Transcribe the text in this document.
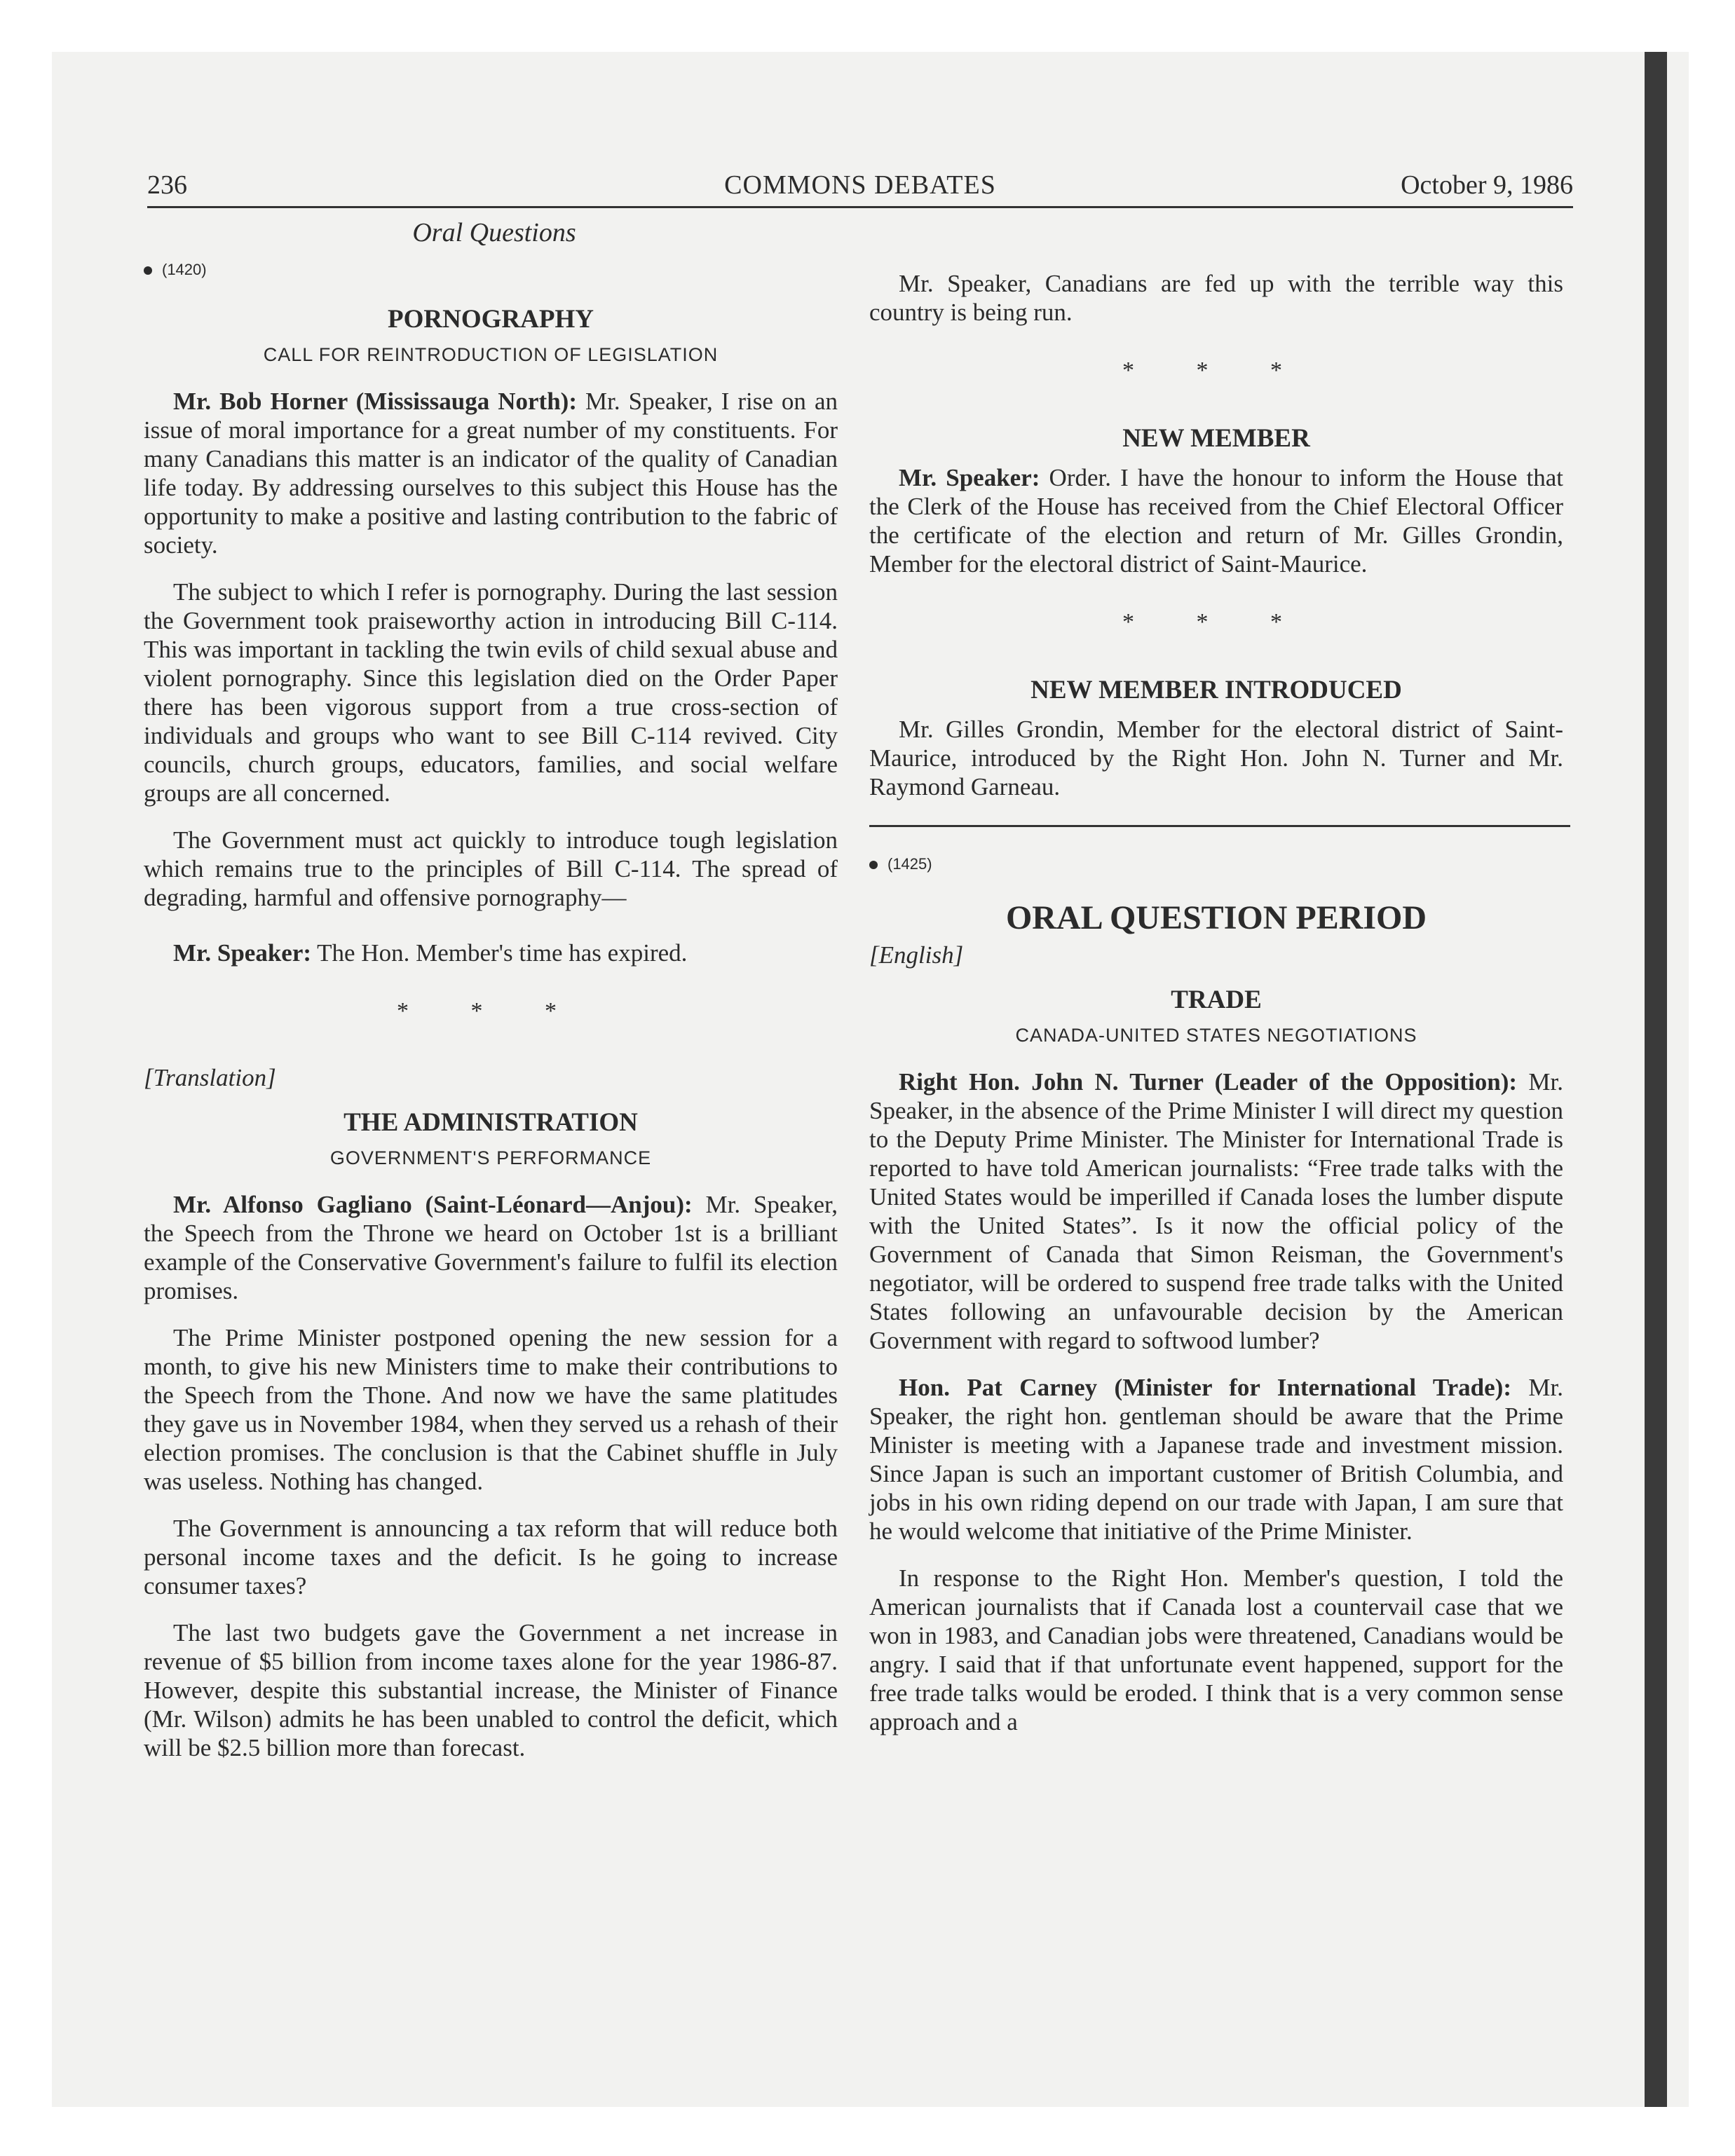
236	COMMONS DEBATES	October 9, 1986
Oral Questions
(1420)
PORNOGRAPHY
CALL FOR REINTRODUCTION OF LEGISLATION

Mr. Bob Horner (Mississauga North): Mr. Speaker, I rise on an issue of moral importance for a great number of my constituents. For many Canadians this matter is an indicator of the quality of Canadian life today. By addressing ourselves to this subject this House has the opportunity to make a positive and lasting contribution to the fabric of society.

The subject to which I refer is pornography. During the last session the Government took praiseworthy action in introducing Bill C-114. This was important in tackling the twin evils of child sexual abuse and violent pornography. Since this legislation died on the Order Paper there has been vigorous support from a true cross-section of individuals and groups who want to see Bill C-114 revived. City councils, church groups, educators, families, and social welfare groups are all concerned.

The Government must act quickly to introduce tough legislation which remains true to the principles of Bill C-114. The spread of degrading, harmful and offensive pornography—

Mr. Speaker: The Hon. Member's time has expired.

* * *
[Translation]
THE ADMINISTRATION
GOVERNMENT'S PERFORMANCE

Mr. Alfonso Gagliano (Saint-Léonard—Anjou): Mr. Speaker, the Speech from the Throne we heard on October 1st is a brilliant example of the Conservative Government's failure to fulfil its election promises.

The Prime Minister postponed opening the new session for a month, to give his new Ministers time to make their contributions to the Speech from the Thone. And now we have the same platitudes they gave us in November 1984, when they served us a rehash of their election promises. The conclusion is that the Cabinet shuffle in July was useless. Nothing has changed.

The Government is announcing a tax reform that will reduce both personal income taxes and the deficit. Is he going to increase consumer taxes?

The last two budgets gave the Government a net increase in revenue of $5 billion from income taxes alone for the year 1986-87. However, despite this substantial increase, the Minister of Finance (Mr. Wilson) admits he has been unabled to control the deficit, which will be $2.5 billion more than forecast.

Mr. Speaker, Canadians are fed up with the terrible way this country is being run.

* * *
NEW MEMBER

Mr. Speaker: Order. I have the honour to inform the House that the Clerk of the House has received from the Chief Electoral Officer the certificate of the election and return of Mr. Gilles Grondin, Member for the electoral district of Saint-Maurice.

* * *
NEW MEMBER INTRODUCED

Mr. Gilles Grondin, Member for the electoral district of Saint-Maurice, introduced by the Right Hon. John N. Turner and Mr. Raymond Garneau.

(1425)
ORAL QUESTION PERIOD
[English]
TRADE
CANADA-UNITED STATES NEGOTIATIONS

Right Hon. John N. Turner (Leader of the Opposition): Mr. Speaker, in the absence of the Prime Minister I will direct my question to the Deputy Prime Minister. The Minister for International Trade is reported to have told American journalists: “Free trade talks with the United States would be imperilled if Canada loses the lumber dispute with the United States”. Is it now the official policy of the Government of Canada that Simon Reisman, the Government's negotiator, will be ordered to suspend free trade talks with the United States following an unfavourable decision by the American Government with regard to softwood lumber?

Hon. Pat Carney (Minister for International Trade): Mr. Speaker, the right hon. gentleman should be aware that the Prime Minister is meeting with a Japanese trade and investment mission. Since Japan is such an important customer of British Columbia, and jobs in his own riding depend on our trade with Japan, I am sure that he would welcome that initiative of the Prime Minister.

In response to the Right Hon. Member's question, I told the American journalists that if Canada lost a countervail case that we won in 1983, and Canadian jobs were threatened, Canadians would be angry. I said that if that unfortunate event happened, support for the free trade talks would be eroded. I think that is a very common sense approach and a
